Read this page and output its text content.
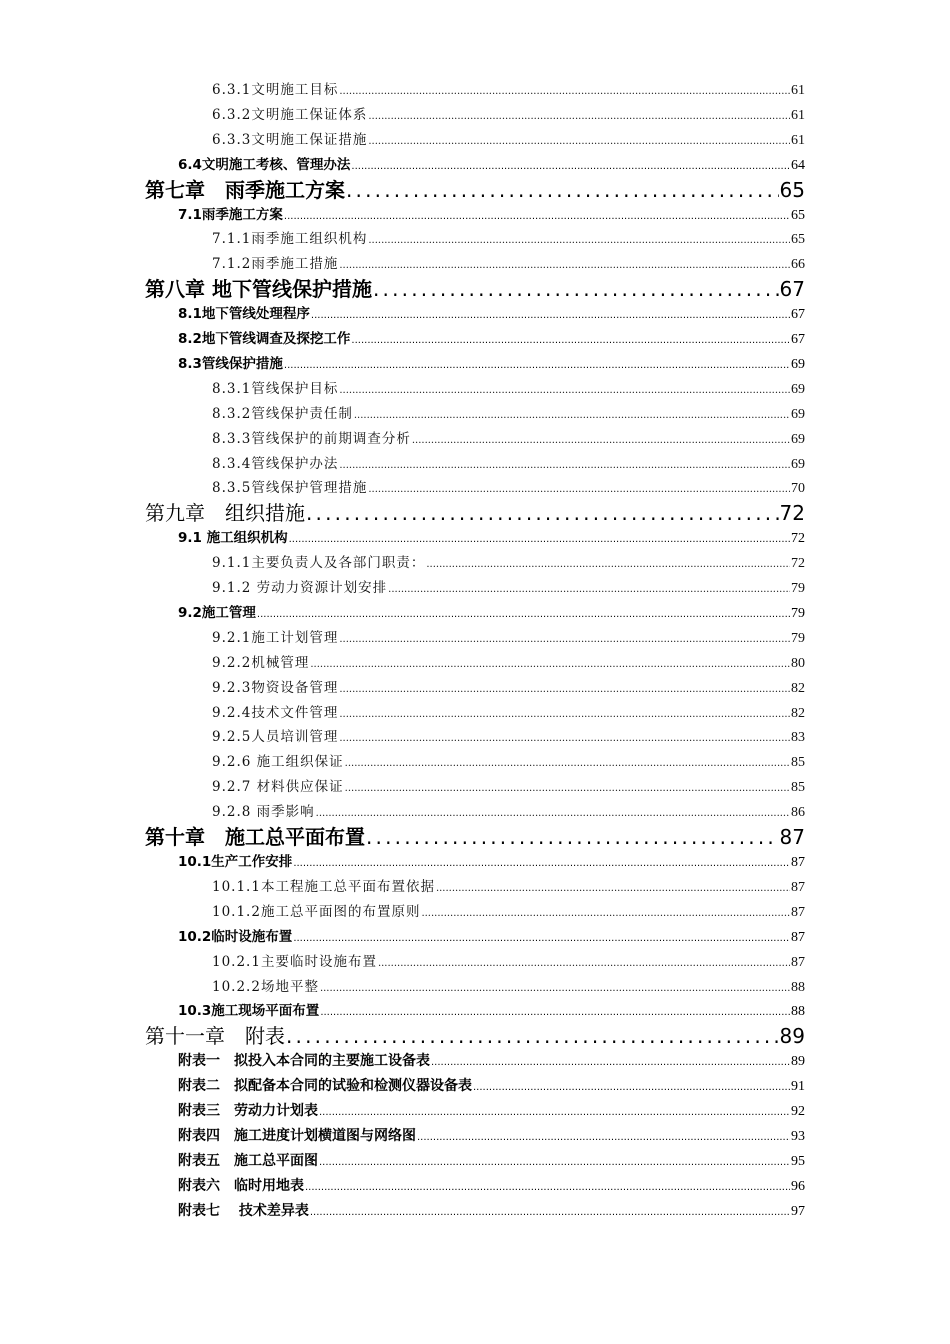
6.3.1文明施工目标 .....	61
6.3.2文明施工保证体系 .....	61
6.3.3文明施工保证措施 .....	61
6.4文明施工考核、管理办法 .....	64
第七章　雨季施工方案 .....	65
7.1雨季施工方案 .....	65
7.1.1雨季施工组织机构 .....	65
7.1.2雨季施工措施 .....	66
第八章 地下管线保护措施 .....	67
8.1地下管线处理程序 .....	67
8.2地下管线调查及探挖工作 .....	67
8.3管线保护措施 .....	69
8.3.1管线保护目标 .....	69
8.3.2管线保护责任制 .....	69
8.3.3管线保护的前期调查分析 .....	69
8.3.4管线保护办法 .....	69
8.3.5管线保护管理措施 .....	70
第九章　组织措施 .....	72
9.1 施工组织机构 .....	72
9.1.1主要负责人及各部门职责： .....	72
9.1.2 劳动力资源计划安排 .....	79
9.2施工管理 .....	79
9.2.1施工计划管理 .....	79
9.2.2机械管理 .....	80
9.2.3物资设备管理 .....	82
9.2.4技术文件管理 .....	82
9.2.5人员培训管理 .....	83
9.2.6 施工组织保证 .....	85
9.2.7 材料供应保证 .....	85
9.2.8 雨季影响 .....	86
第十章　施工总平面布置 .....	87
10.1生产工作安排 .....	87
10.1.1本工程施工总平面布置依据 .....	87
10.1.2施工总平面图的布置原则 .....	87
10.2临时设施布置 .....	87
10.2.1主要临时设施布置 .....	87
10.2.2场地平整 .....	88
10.3施工现场平面布置 .....	88
第十一章　附表 .....	89
附表一　拟投入本合同的主要施工设备表 .....	89
附表二　拟配备本合同的试验和检测仪器设备表 .....	91
附表三　劳动力计划表 .....	92
附表四　施工进度计划横道图与网络图 .....	93
附表五　施工总平面图 .....	95
附表六　临时用地表 .....	96
附表七　 技术差异表 .....	97
